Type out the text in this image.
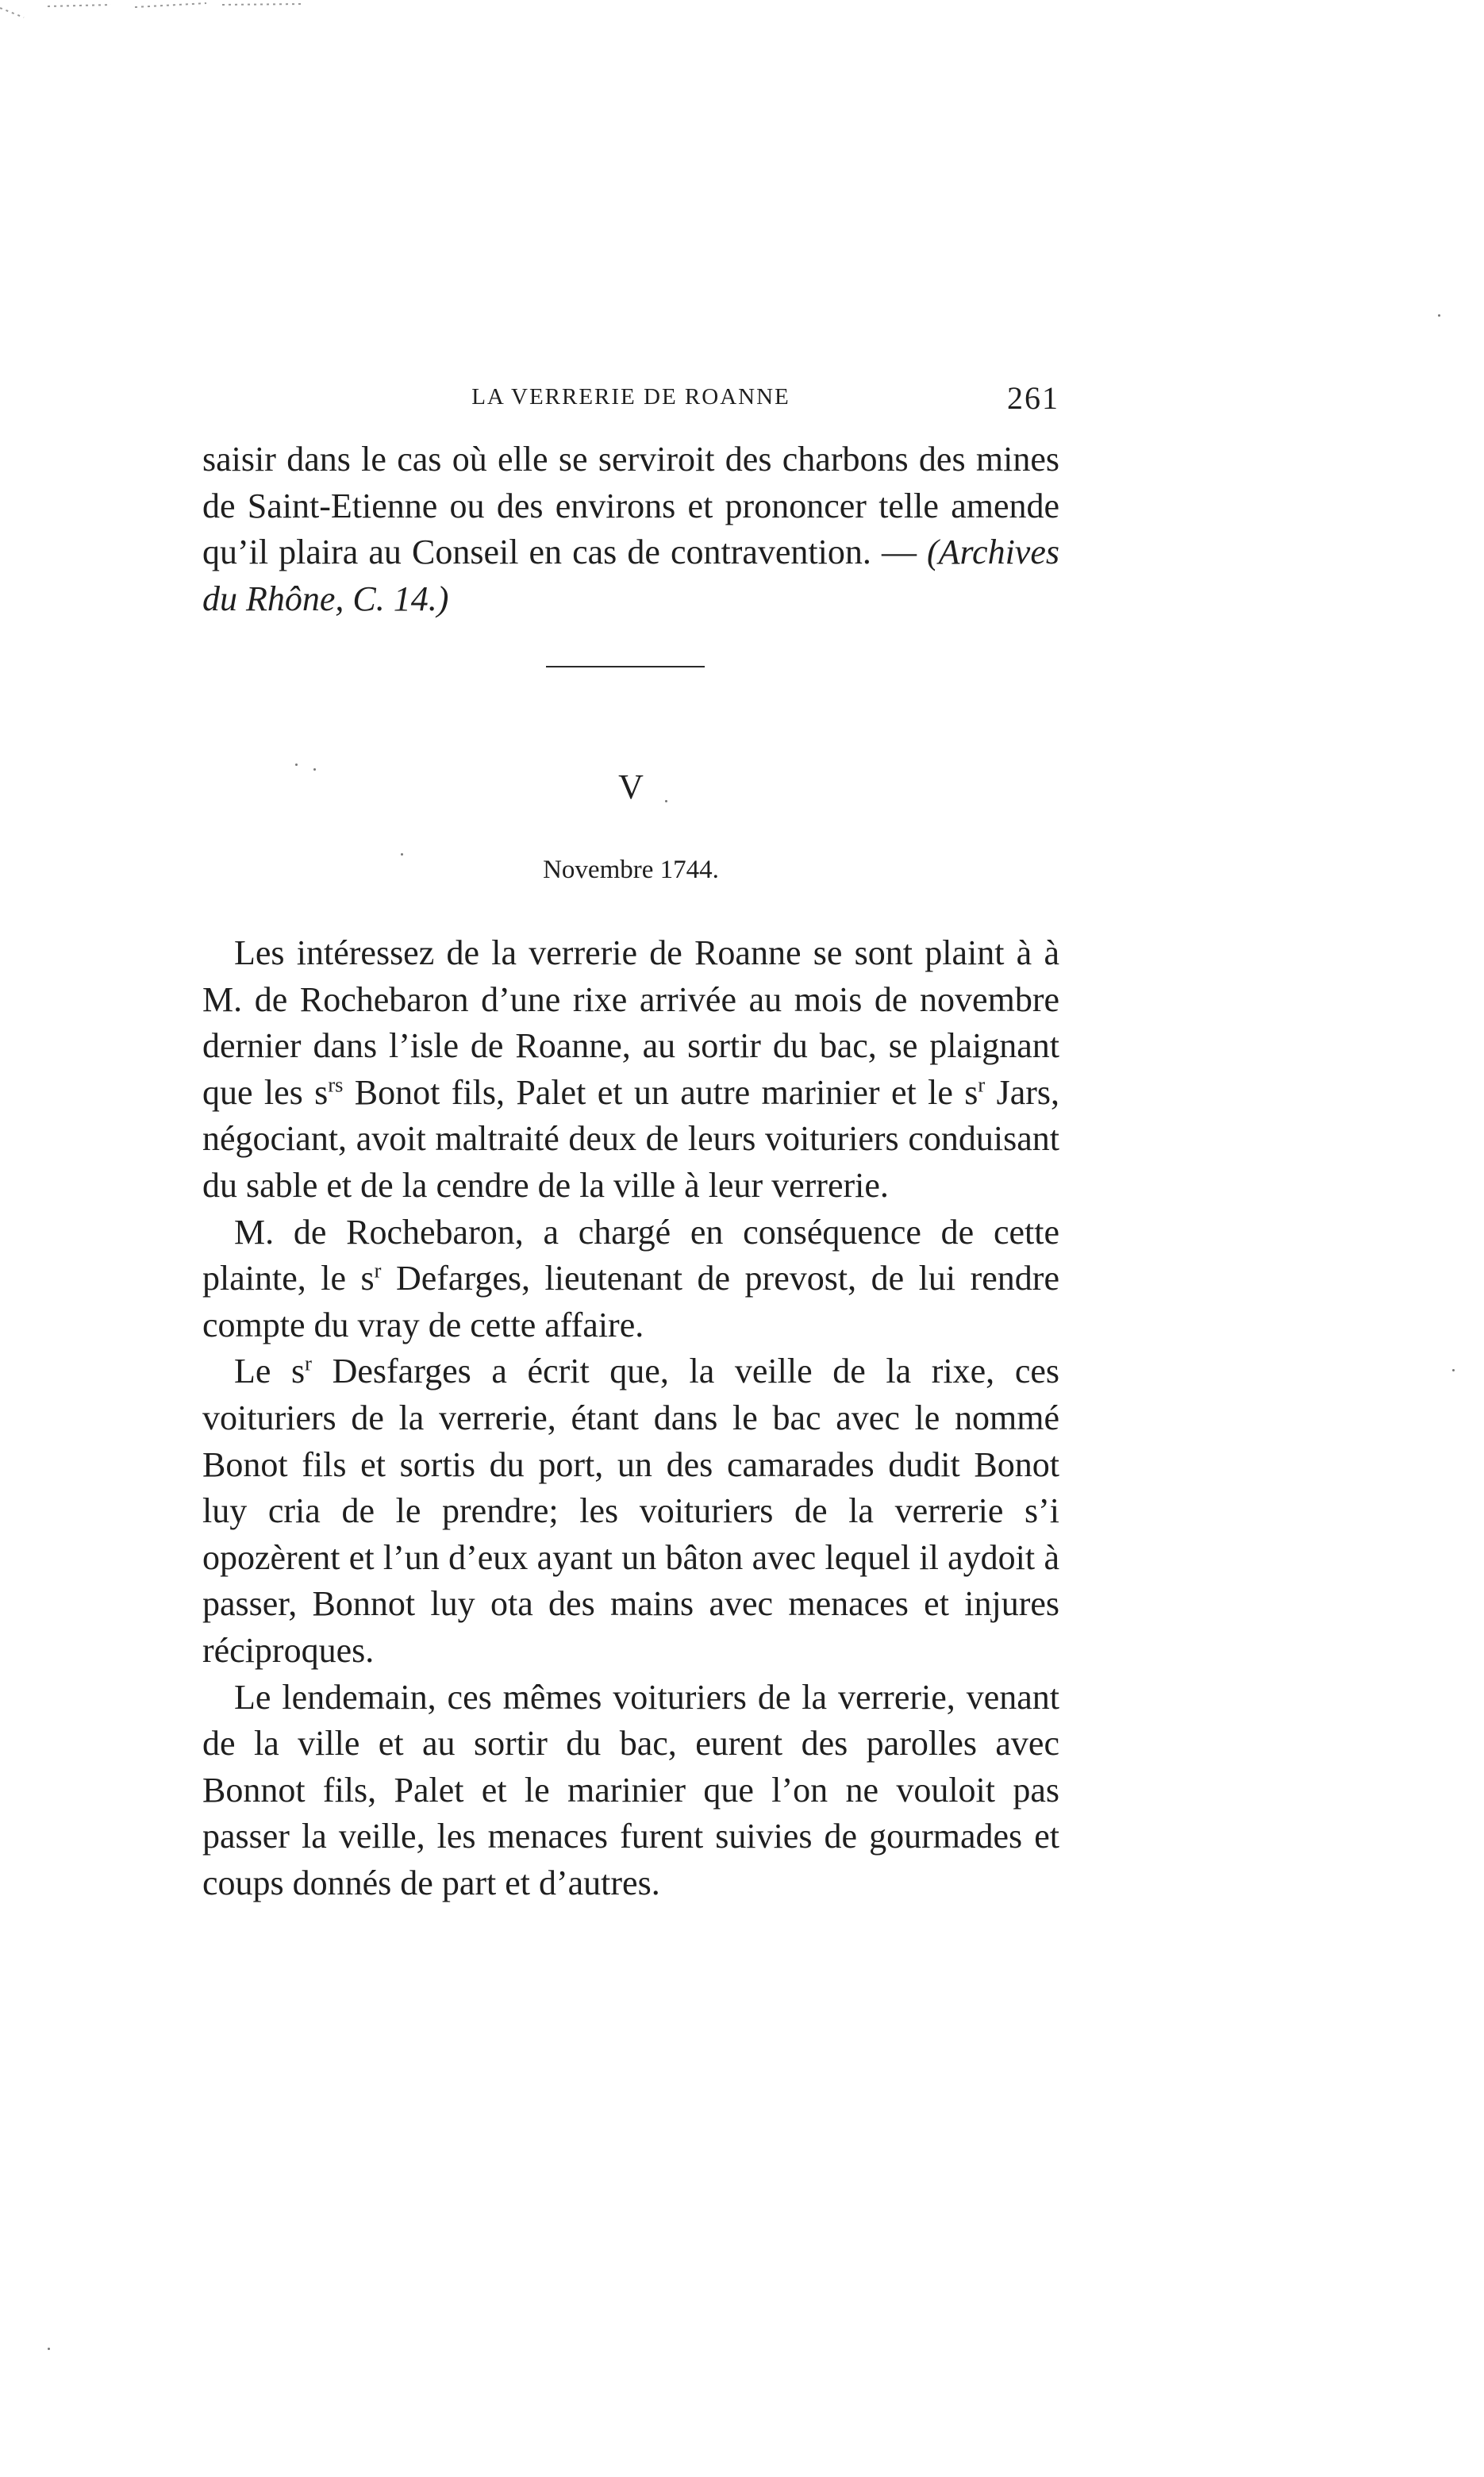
LA VERRERIE DE ROANNE	261

saisir dans le cas où elle se serviroit des charbons des mines de Saint-Etienne ou des environs et prononcer telle amende qu’il plaira au Conseil en cas de contravention. — (Archives du Rhône, C. 14.)

V
Novembre 1744.

Les intéressez de la verrerie de Roanne se sont plaint à à M. de Rochebaron d’une rixe arrivée au mois de novembre dernier dans l’isle de Roanne, au sortir du bac, se plaignant que les $s^{rs}$ Bonot fils, Palet et un autre marinier et le $s^r$ Jars, négociant, avoit maltraité deux de leurs voituriers conduisant du sable et de la cendre de la ville à leur verrerie.

M. de Rochebaron, a chargé en conséquence de cette plainte, le $s^r$ Defarges, lieutenant de prevost, de lui rendre compte du vray de cette affaire.

Le $s^r$ Desfarges a écrit que, la veille de la rixe, ces voituriers de la verrerie, étant dans le bac avec le nommé Bonot fils et sortis du port, un des camarades dudit Bonot luy cria de le prendre; les voituriers de la verrerie s’i opozèrent et l’un d’eux ayant un bâton avec lequel il aydoit à passer, Bonnot luy ota des mains avec menaces et injures réciproques.

Le lendemain, ces mêmes voituriers de la verrerie, venant de la ville et au sortir du bac, eurent des parolles avec Bonnot fils, Palet et le marinier que l’on ne vouloit pas passer la veille, les menaces furent suivies de gourmades et coups donnés de part et d’autres.
